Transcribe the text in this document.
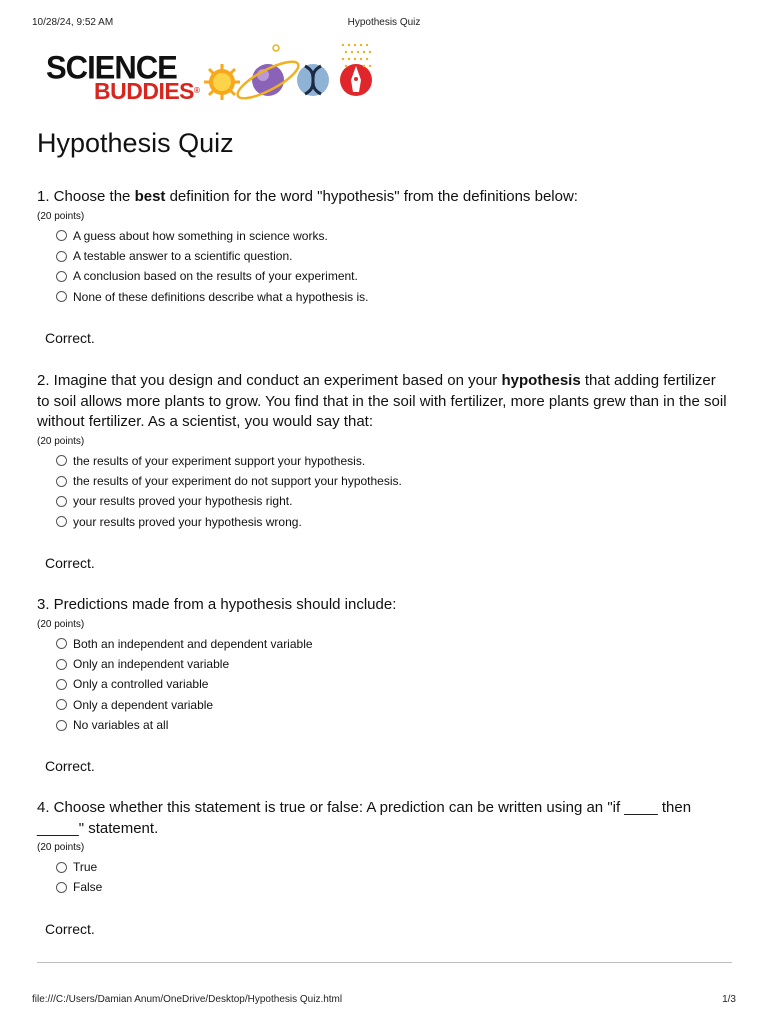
10/28/24, 9:52 AM	Hypothesis Quiz
SCIENCE
BUDDIES®
Hypothesis Quiz

1. Choose the best definition for the word "hypothesis" from the definitions below:

(20 points)
A guess about how something in science works.
A testable answer to a scientific question.
A conclusion based on the results of your experiment.
None of these definitions describe what a hypothesis is.
Correct.

2. Imagine that you design and conduct an experiment based on your hypothesis that adding fertilizer to soil allows more plants to grow. You find that in the soil with fertilizer, more plants grew than in the soil without fertilizer. As a scientist, you would say that:

(20 points)
the results of your experiment support your hypothesis.
the results of your experiment do not support your hypothesis.
your results proved your hypothesis right.
your results proved your hypothesis wrong.
Correct.

3. Predictions made from a hypothesis should include:

(20 points)
Both an independent and dependent variable
Only an independent variable
Only a controlled variable
Only a dependent variable
No variables at all
Correct.

4. Choose whether this statement is true or false: A prediction can be written using an "if ____ then _____" statement.

(20 points)
True
False
Correct.
file:///C:/Users/Damian Anum/OneDrive/Desktop/Hypothesis Quiz.html	1/3
